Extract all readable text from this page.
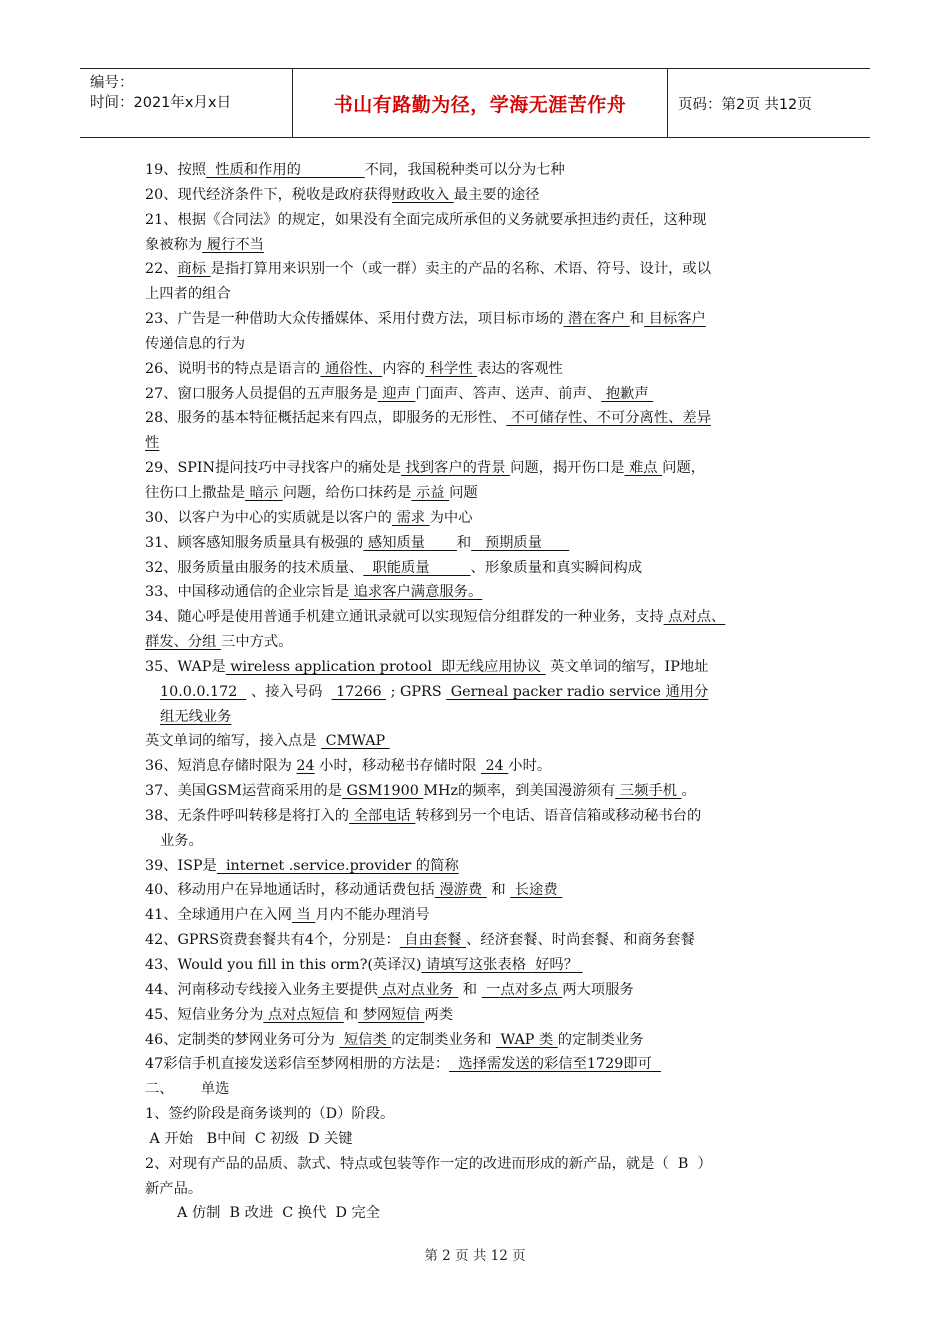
编号：
时间：2021年x月x日	书山有路勤为径，学海无涯苦作舟	页码：第2页 共12页
19、按照  性质和作用的              不同，我国税种类可以分为七种
20、现代经济条件下，税收是政府获得财政收入 最主要的途径
21、根据《合同法》的规定，如果没有全面完成所承但的义务就要承担违约责任，这种现
象被称为 履行不当
22、商标 是指打算用来识别一个（或一群）卖主的产品的名称、术语、符号、设计，或以
上四者的组合
23、广告是一种借助大众传播媒体、采用付费方法，项目标市场的 潜在客户 和 目标客户
传递信息的行为
26、说明书的特点是语言的 通俗性、内容的 科学性 表达的客观性
27、窗口服务人员提倡的五声服务是 迎声 门面声、答声、送声、前声、 抱歉声
28、服务的基本特征概括起来有四点，即服务的无形性、 不可储存性、不可分离性、差异
性
29、SPIN提问技巧中寻找客户的痛处是 找到客户的背景 问题，揭开伤口是 难点 问题，
往伤口上撒盐是 暗示 问题，给伤口抹药是 示益 问题
30、以客户为中心的实质就是以客户的 需求 为中心
31、顾客感知服务质量具有极强的 感知质量       和   预期质量
32、服务质量由服务的技术质量、  职能质量         、形象质量和真实瞬间构成
33、中国移动通信的企业宗旨是 追求客户满意服务。
34、随心呼是使用普通手机建立通讯录就可以实现短信分组群发的一种业务，支持 点对点、
群发、分组 三中方式。
35、WAP是 wireless application protool  即无线应用协议  英文单词的缩写，IP地址
10.0.0.172   、接入号码   17266  ; GPRS  Gerneal packer radio service 通用分
组无线业务
英文单词的缩写，接入点是  CMWAP
36、短消息存储时限为 24 小时，移动秘书存储时限  24 小时。
37、美国GSM运营商采用的是 GSM1900 MHz的频率，到美国漫游须有 三频手机 。
38、无条件呼叫转移是将打入的 全部电话 转移到另一个电话、语音信箱或移动秘书台的
业务。
39、ISP是  internet .service.provider 的简称
40、移动用户在异地通话时，移动通话费包括 漫游费  和  长途费
41、全球通用户在入网 当 月内不能办理消号
42、GPRS资费套餐共有4个，分别是： 自由套餐 、经济套餐、时尚套餐、和商务套餐
43、Would you fill in this orm?(英译汉) 请填写这张表格  好吗？
44、河南移动专线接入业务主要提供 点对点业务  和  一点对多点 两大项服务
45、短信业务分为 点对点短信 和 梦网短信 两类
46、定制类的梦网业务可分为  短信类 的定制类业务和  WAP 类 的定制类业务
47彩信手机直接发送彩信至梦网相册的方法是：  选择需发送的彩信至1729即可
二、      单选
1、签约阶段是商务谈判的（D）阶段。
A 开始   B中间  C 初级  D 关键
2、对现有产品的品质、款式、特点或包装等作一定的改进而形成的新产品，就是（  B  ）
新产品。
A 仿制  B 改进  C 换代  D 完全
第 2 页 共 12 页
